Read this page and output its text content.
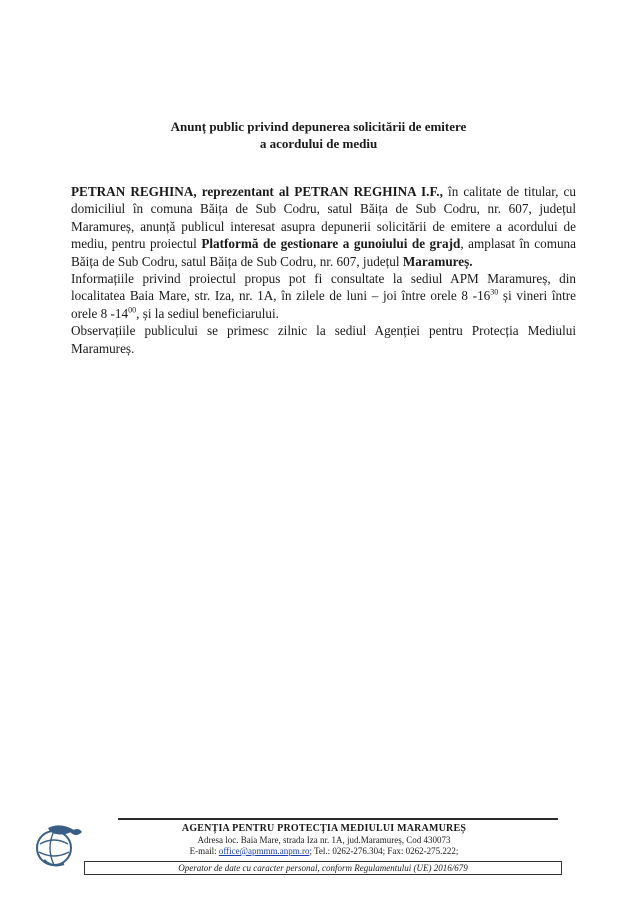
Anunț public privind depunerea solicitării de emitere
a acordului de mediu

PETRAN REGHINA, reprezentant al PETRAN REGHINA I.F., în calitate de titular, cu domiciliul în comuna Băița de Sub Codru, satul Băița de Sub Codru, nr. 607, județul Maramureș, anunță publicul interesat asupra depunerii solicitării de emitere a acordului de mediu, pentru proiectul Platformă de gestionare a gunoiului de grajd, amplasat în comuna Băița de Sub Codru, satul Băița de Sub Codru, nr. 607, județul Maramureș.

Informațiile privind proiectul propus pot fi consultate la sediul APM Maramureș, din localitatea Baia Mare, str. Iza, nr. 1A, în zilele de luni – joi între orele 8 $-16^{30}$ și vineri între orele 8 $-14^{00}$, și la sediul beneficiarului.

Observațiile publicului se primesc zilnic la sediul Agenției pentru Protecția Mediului Maramureș.

AGENȚIA PENTRU PROTECȚIA MEDIULUI MARAMUREȘ
Adresa loc. Baia Mare, strada Iza nr. 1A, jud.Maramureș, Cod 430073
E-mail: office@apmmm.anpm.ro; Tel.: 0262-276.304; Fax: 0262-275.222;
Operator de date cu caracter personal, conform Regulamentului (UE) 2016/679
